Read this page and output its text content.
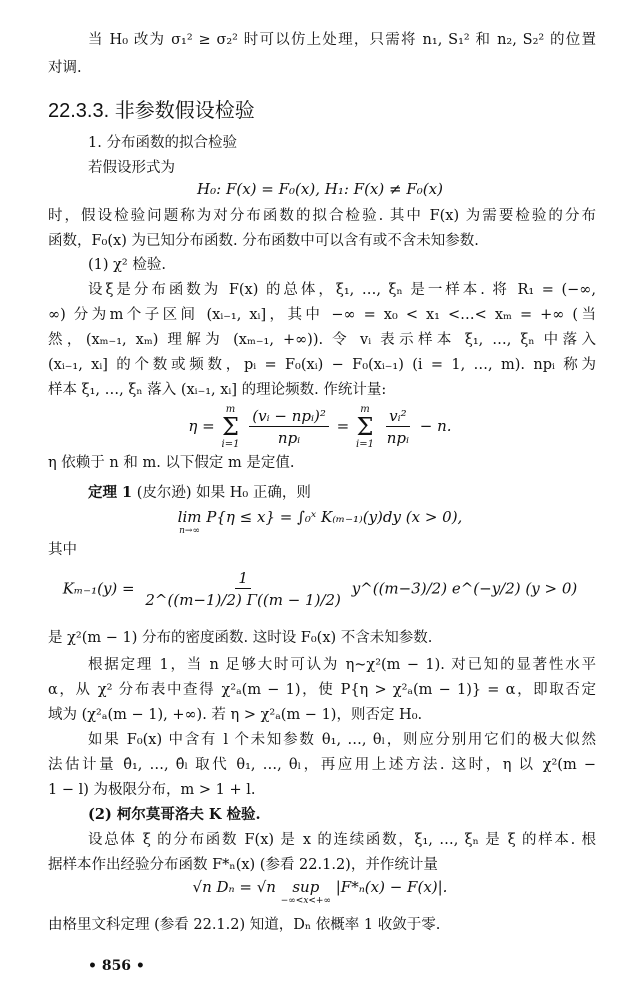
当 H₀ 改为 σ₁² ≥ σ₂² 时可以仿上处理，只需将 n₁, S₁² 和 n₂, S₂² 的位置
对调.
22.3.3. 非参数假设检验
1. 分布函数的拟合检验
若假设形式为
H₀: F(x) = F₀(x), H₁: F(x) ≠ F₀(x)
时，假设检验问题称为对分布函数的拟合检验. 其中 F(x) 为需要检验的分布
函数，F₀(x) 为已知分布函数. 分布函数中可以含有或不含未知参数.
(1) χ² 检验.
设ξ是分布函数为 F(x) 的总体，ξ₁, …, ξₙ 是一样本. 将 R₁ = (−∞,
∞) 分为m个子区间 (xᵢ₋₁, xᵢ]，其中 −∞ = x₀ < x₁ <…< xₘ = +∞ (当
然，(xₘ₋₁, xₘ) 理解为 (xₘ₋₁, +∞)). 令 vᵢ 表示样本 ξ₁, …, ξₙ 中落入
(xᵢ₋₁, xᵢ] 的个数或频数，pᵢ = F₀(xᵢ) − F₀(xᵢ₋₁) (i = 1, …, m). npᵢ 称为
样本 ξ₁, …, ξₙ 落入 (xᵢ₋₁, xᵢ] 的理论频数. 作统计量:
η =
m
Σ
i=1
$\frac{\text{(vᵢ − npᵢ)²}}{\text{npᵢ}}$ =
m
Σ
i=1
$\frac{\text{vᵢ²}}{\text{npᵢ}} - n$.
η 依赖于 n 和 m. 以下假定 m 是定值.
定理 1 (皮尔逊) 如果 H₀ 正确，则
lim
n→∞
P{η ≤ x} = ∫₀ˣ K₍ₘ₋₁₎(y)dy (x > 0),
其中
$K_{m-1}(y) = \frac{1}{2\^{}((m-1)/2) \Gamma((m - 1)/2)}$ y^((m−3)/2) e^(−y/2) (y > 0)
是 χ²(m − 1) 分布的密度函数. 这时设 F₀(x) 不含未知参数.
根据定理 1，当 n 足够大时可认为 η~χ²(m − 1). 对已知的显著性水平
α，从 χ² 分布表中查得 χ²ₐ(m − 1)，使 P{η > χ²ₐ(m − 1)} = α，即取否定
域为 (χ²ₐ(m − 1), +∞). 若 η > χ²ₐ(m − 1)，则否定 H₀.
如果 F₀(x) 中含有 l 个未知参数 θ₁, …, θₗ，则应分别用它们的极大似然
法估计量 θ̂₁, …, θ̂ₗ 取代 θ₁, …, θₗ，再应用上述方法. 这时，η 以 χ²(m −
1 − l) 为极限分布，m > 1 + l.
(2) 柯尔莫哥洛夫 K 检验.
设总体 ξ 的分布函数 F(x) 是 x 的连续函数，ξ₁, …, ξₙ 是 ξ 的样本. 根
据样本作出经验分布函数 F*ₙ(x) (参看 22.1.2)，并作统计量
√n Dₙ = √n sup
−∞<x<+∞
|F*ₙ(x) − F(x)|.
由格里文科定理 (参看 22.1.2) 知道，Dₙ 依概率 1 收敛于零.
• 856 •
